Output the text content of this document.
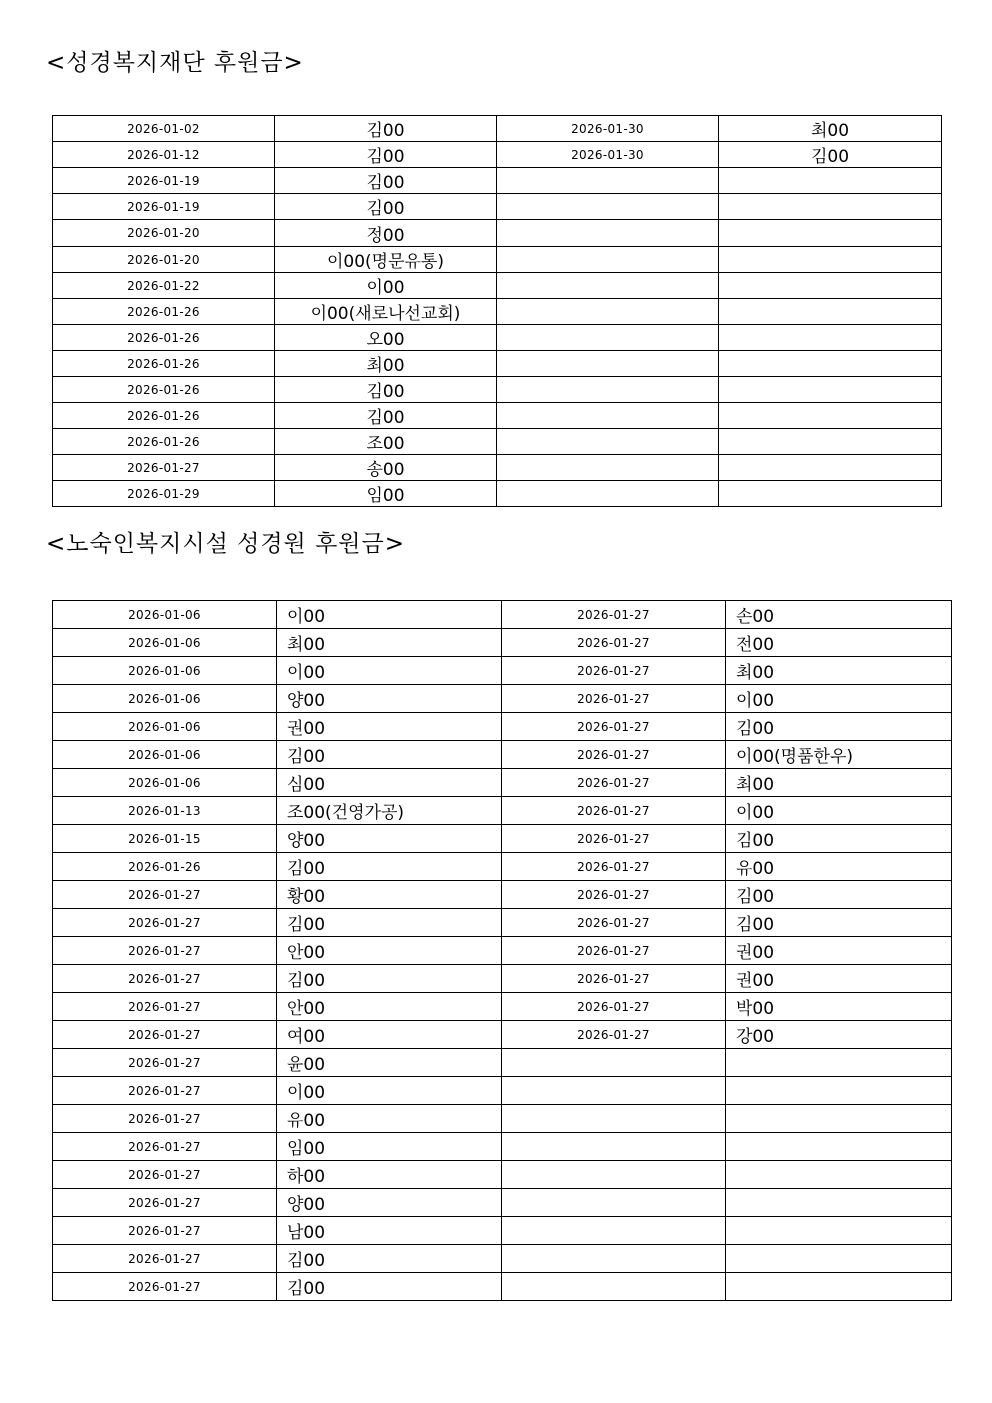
<성경복지재단 후원금>
2026-01-02	김00	2026-01-30	최00
2026-01-12	김00	2026-01-30	김00
2026-01-19	김00		
2026-01-19	김00		
2026-01-20	정00		
2026-01-20	이00(명문유통)		
2026-01-22	이00		
2026-01-26	이00(새로나선교회)		
2026-01-26	오00		
2026-01-26	최00		
2026-01-26	김00		
2026-01-26	김00		
2026-01-26	조00		
2026-01-27	송00		
2026-01-29	임00		
<노숙인복지시설 성경원 후원금>
2026-01-06	이00	2026-01-27	손00
2026-01-06	최00	2026-01-27	전00
2026-01-06	이00	2026-01-27	최00
2026-01-06	양00	2026-01-27	이00
2026-01-06	권00	2026-01-27	김00
2026-01-06	김00	2026-01-27	이00(명품한우)
2026-01-06	심00	2026-01-27	최00
2026-01-13	조00(건영가공)	2026-01-27	이00
2026-01-15	양00	2026-01-27	김00
2026-01-26	김00	2026-01-27	유00
2026-01-27	황00	2026-01-27	김00
2026-01-27	김00	2026-01-27	김00
2026-01-27	안00	2026-01-27	권00
2026-01-27	김00	2026-01-27	권00
2026-01-27	안00	2026-01-27	박00
2026-01-27	여00	2026-01-27	강00
2026-01-27	윤00		
2026-01-27	이00		
2026-01-27	유00		
2026-01-27	임00		
2026-01-27	하00		
2026-01-27	양00		
2026-01-27	남00		
2026-01-27	김00		
2026-01-27	김00		
